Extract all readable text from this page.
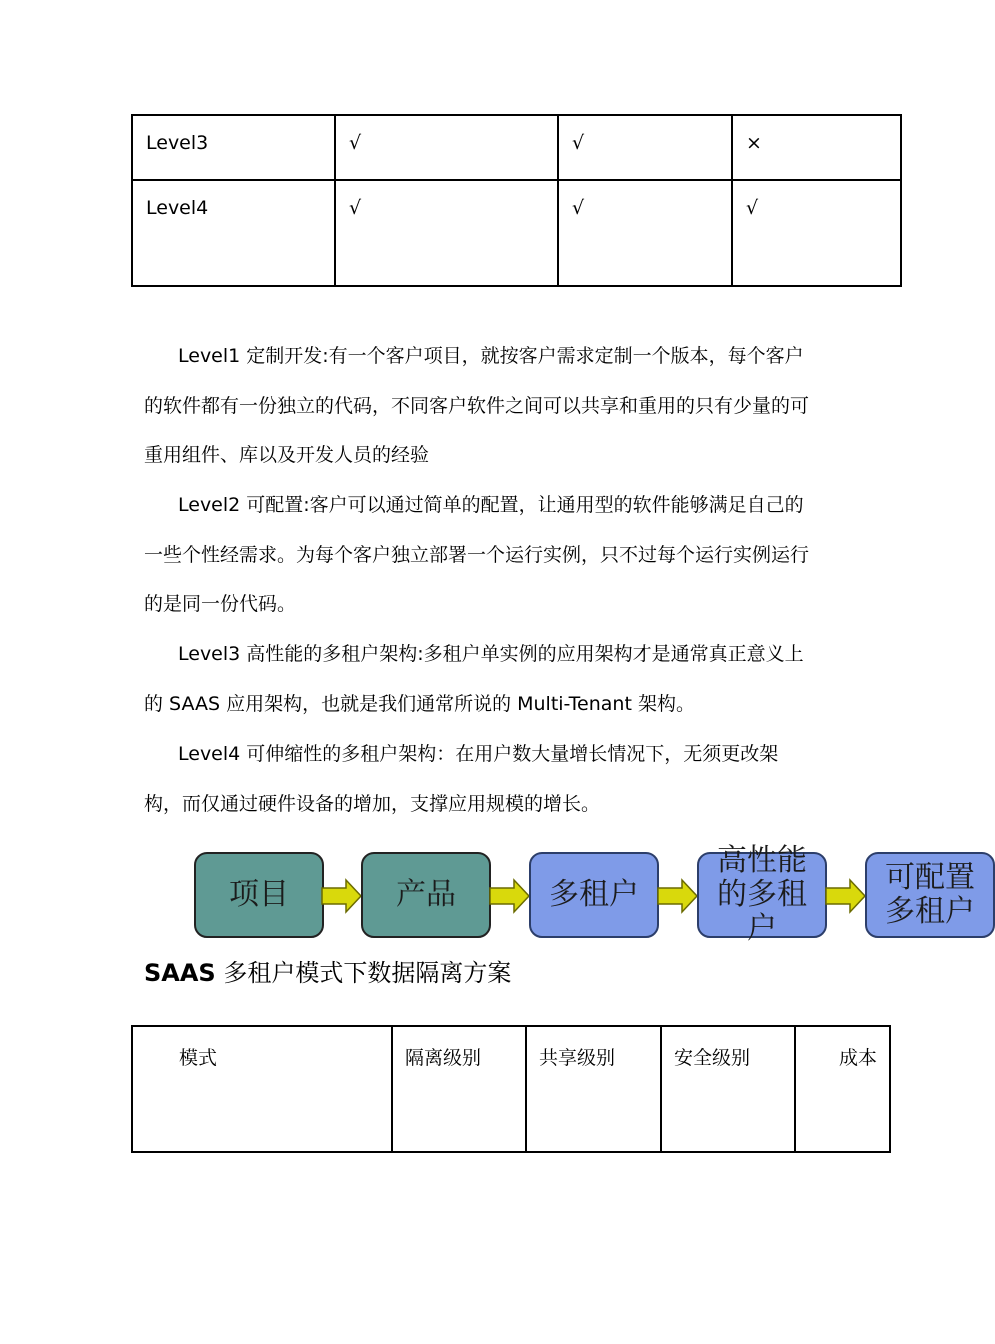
Level3	√	√	×
Level4	√	√	√

Level1 定制开发:有一个客户项目，就按客户需求定制一个版本，每个客户的软件都有一份独立的代码，不同客户软件之间可以共享和重用的只有少量的可重用组件、库以及开发人员的经验

Level2 可配置:客户可以通过简单的配置，让通用型的软件能够满足自己的一些个性经需求。为每个客户独立部署一个运行实例，只不过每个运行实例运行的是同一份代码。

Level3 高性能的多租户架构:多租户单实例的应用架构才是通常真正意义上的 SAAS 应用架构，也就是我们通常所说的 Multi-Tenant 架构。

Level4 可伸缩性的多租户架构：在用户数大量增长情况下，无须更改架构，而仅通过硬件设备的增加，支撑应用规模的增长。

项目	产品	多租户
高性能的多租户
可配置多租户
SAAS 多租户模式下数据隔离方案
模式	隔离级别	共享级别	安全级别	成本
